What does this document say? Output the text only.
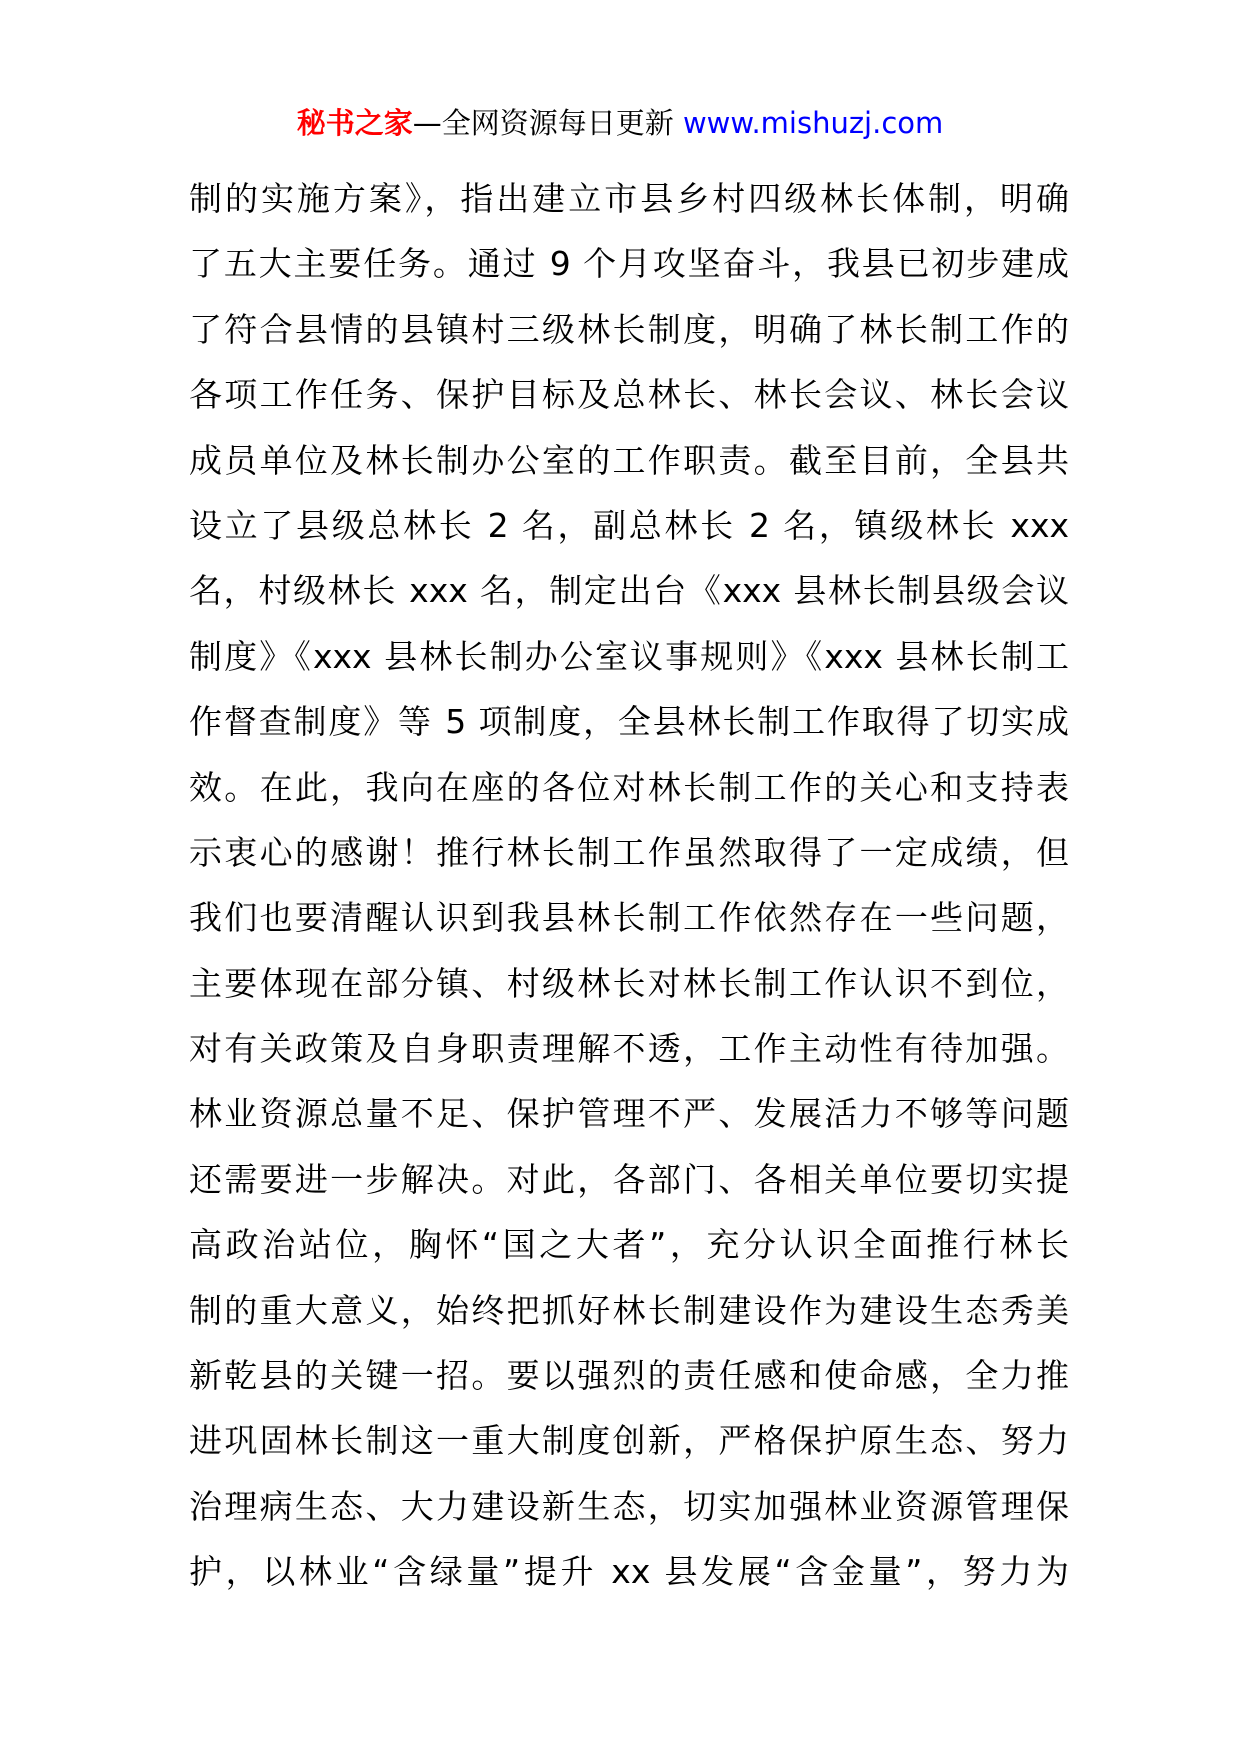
秘书之家—全网资源每日更新 www.mishuzj.com
制的实施方案》，指出建立市县乡村四级林长体制，明确
了五大主要任务。通过 9 个月攻坚奋斗，我县已初步建成
了符合县情的县镇村三级林长制度，明确了林长制工作的
各项工作任务、保护目标及总林长、林长会议、林长会议
成员单位及林长制办公室的工作职责。截至目前，全县共
设立了县级总林长 2 名，副总林长 2 名，镇级林长 xxx
名，村级林长 xxx 名，制定出台《xxx 县林长制县级会议
制度》《xxx 县林长制办公室议事规则》《xxx 县林长制工
作督查制度》等 5 项制度，全县林长制工作取得了切实成
效。在此，我向在座的各位对林长制工作的关心和支持表
示衷心的感谢！推行林长制工作虽然取得了一定成绩，但
我们也要清醒认识到我县林长制工作依然存在一些问题，
主要体现在部分镇、村级林长对林长制工作认识不到位，
对有关政策及自身职责理解不透，工作主动性有待加强。
林业资源总量不足、保护管理不严、发展活力不够等问题
还需要进一步解决。对此，各部门、各相关单位要切实提
高政治站位，胸怀“国之大者”，充分认识全面推行林长
制的重大意义，始终把抓好林长制建设作为建设生态秀美
新乾县的关键一招。要以强烈的责任感和使命感，全力推
进巩固林长制这一重大制度创新，严格保护原生态、努力
治理病生态、大力建设新生态，切实加强林业资源管理保
护，以林业“含绿量”提升 xx 县发展“含金量”，努力为
